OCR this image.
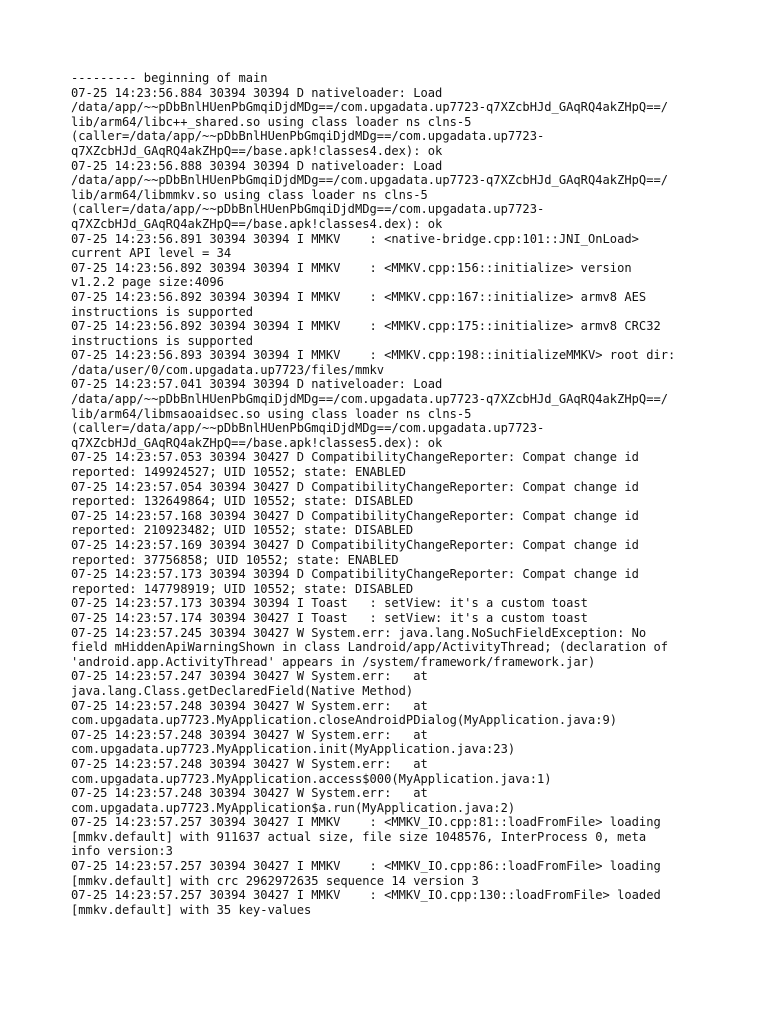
--------- beginning of main
07-25 14:23:56.884 30394 30394 D nativeloader: Load
/data/app/~~pDbBnlHUenPbGmqiDjdMDg==/com.upgadata.up7723-q7XZcbHJd_GAqRQ4akZHpQ==/
lib/arm64/libc++_shared.so using class loader ns clns-5
(caller=/data/app/~~pDbBnlHUenPbGmqiDjdMDg==/com.upgadata.up7723-
q7XZcbHJd_GAqRQ4akZHpQ==/base.apk!classes4.dex): ok
07-25 14:23:56.888 30394 30394 D nativeloader: Load
/data/app/~~pDbBnlHUenPbGmqiDjdMDg==/com.upgadata.up7723-q7XZcbHJd_GAqRQ4akZHpQ==/
lib/arm64/libmmkv.so using class loader ns clns-5
(caller=/data/app/~~pDbBnlHUenPbGmqiDjdMDg==/com.upgadata.up7723-
q7XZcbHJd_GAqRQ4akZHpQ==/base.apk!classes4.dex): ok
07-25 14:23:56.891 30394 30394 I MMKV    : <native-bridge.cpp:101::JNI_OnLoad>
current API level = 34
07-25 14:23:56.892 30394 30394 I MMKV    : <MMKV.cpp:156::initialize> version
v1.2.2 page size:4096
07-25 14:23:56.892 30394 30394 I MMKV    : <MMKV.cpp:167::initialize> armv8 AES
instructions is supported
07-25 14:23:56.892 30394 30394 I MMKV    : <MMKV.cpp:175::initialize> armv8 CRC32
instructions is supported
07-25 14:23:56.893 30394 30394 I MMKV    : <MMKV.cpp:198::initializeMMKV> root dir:
/data/user/0/com.upgadata.up7723/files/mmkv
07-25 14:23:57.041 30394 30394 D nativeloader: Load
/data/app/~~pDbBnlHUenPbGmqiDjdMDg==/com.upgadata.up7723-q7XZcbHJd_GAqRQ4akZHpQ==/
lib/arm64/libmsaoaidsec.so using class loader ns clns-5
(caller=/data/app/~~pDbBnlHUenPbGmqiDjdMDg==/com.upgadata.up7723-
q7XZcbHJd_GAqRQ4akZHpQ==/base.apk!classes5.dex): ok
07-25 14:23:57.053 30394 30427 D CompatibilityChangeReporter: Compat change id
reported: 149924527; UID 10552; state: ENABLED
07-25 14:23:57.054 30394 30427 D CompatibilityChangeReporter: Compat change id
reported: 132649864; UID 10552; state: DISABLED
07-25 14:23:57.168 30394 30427 D CompatibilityChangeReporter: Compat change id
reported: 210923482; UID 10552; state: DISABLED
07-25 14:23:57.169 30394 30427 D CompatibilityChangeReporter: Compat change id
reported: 37756858; UID 10552; state: ENABLED
07-25 14:23:57.173 30394 30394 D CompatibilityChangeReporter: Compat change id
reported: 147798919; UID 10552; state: DISABLED
07-25 14:23:57.173 30394 30394 I Toast   : setView: it's a custom toast
07-25 14:23:57.174 30394 30427 I Toast   : setView: it's a custom toast
07-25 14:23:57.245 30394 30427 W System.err: java.lang.NoSuchFieldException: No
field mHiddenApiWarningShown in class Landroid/app/ActivityThread; (declaration of
'android.app.ActivityThread' appears in /system/framework/framework.jar)
07-25 14:23:57.247 30394 30427 W System.err:   at
java.lang.Class.getDeclaredField(Native Method)
07-25 14:23:57.248 30394 30427 W System.err:   at
com.upgadata.up7723.MyApplication.closeAndroidPDialog(MyApplication.java:9)
07-25 14:23:57.248 30394 30427 W System.err:   at
com.upgadata.up7723.MyApplication.init(MyApplication.java:23)
07-25 14:23:57.248 30394 30427 W System.err:   at
com.upgadata.up7723.MyApplication.access$000(MyApplication.java:1)
07-25 14:23:57.248 30394 30427 W System.err:   at
com.upgadata.up7723.MyApplication$a.run(MyApplication.java:2)
07-25 14:23:57.257 30394 30427 I MMKV    : <MMKV_IO.cpp:81::loadFromFile> loading
[mmkv.default] with 911637 actual size, file size 1048576, InterProcess 0, meta
info version:3
07-25 14:23:57.257 30394 30427 I MMKV    : <MMKV_IO.cpp:86::loadFromFile> loading
[mmkv.default] with crc 2962972635 sequence 14 version 3
07-25 14:23:57.257 30394 30427 I MMKV    : <MMKV_IO.cpp:130::loadFromFile> loaded
[mmkv.default] with 35 key-values
